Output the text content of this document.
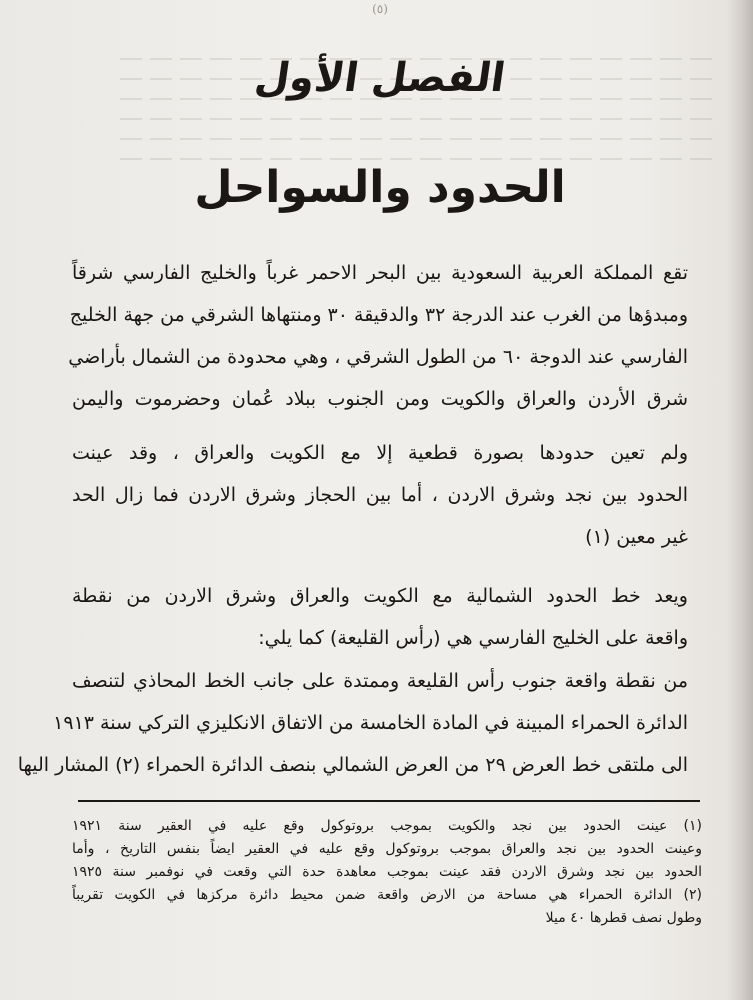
(٥)
الفصل الأول
الحدود والسواحل
تقع المملكة العربية السعودية بين البحر الاحمر غرباً والخليج الفارسي شرقاً
ومبدؤها من الغرب عند الدرجة ٣٢ والدقيقة ٣٠ ومنتهاها الشرقي من جهة الخليج
الفارسي عند الدوجة ٦٠ من الطول الشرقي ، وهي محدودة من الشمال بأراضي
شرق الأردن والعراق والكويت ومن الجنوب ببلاد عُمان وحضرموت واليمن
ولم تعين حدودها بصورة قطعية إلا مع الكويت والعراق ، وقد عينت
الحدود بين نجد وشرق الاردن ، أما بين الحجاز وشرق الاردن فما زال الحد
غير معين (١)
ويعد خط الحدود الشمالية مع الكويت والعراق وشرق الاردن من نقطة
واقعة على الخليج الفارسي هي (رأس القليعة) كما يلي:
من نقطة واقعة جنوب رأس القليعة وممتدة على جانب الخط المحاذي لتنصف
الدائرة الحمراء المبينة في المادة الخامسة من الاتفاق الانكليزي التركي سنة ١٩١٣
الى ملتقى خط العرض ٢٩ من العرض الشمالي بنصف الدائرة الحمراء (٢) المشار اليها
(١) عينت الحدود بين نجد والكويت بموجب بروتوكول وقع عليه في العقير سنة ١٩٢١
وعينت الحدود بين نجد والعراق بموجب بروتوكول وقع عليه في العقير ايضاً بنفس التاريخ ، وأما
الحدود بين نجد وشرق الاردن فقد عينت بموجب معاهدة حدة التي وقعت في نوفمبر سنة ١٩٢٥
(٢) الدائرة الحمراء هي مساحة من الارض واقعة ضمن محيط دائرة مركزها في الكويت تقريباً
وطول نصف قطرها ٤٠ ميلا
